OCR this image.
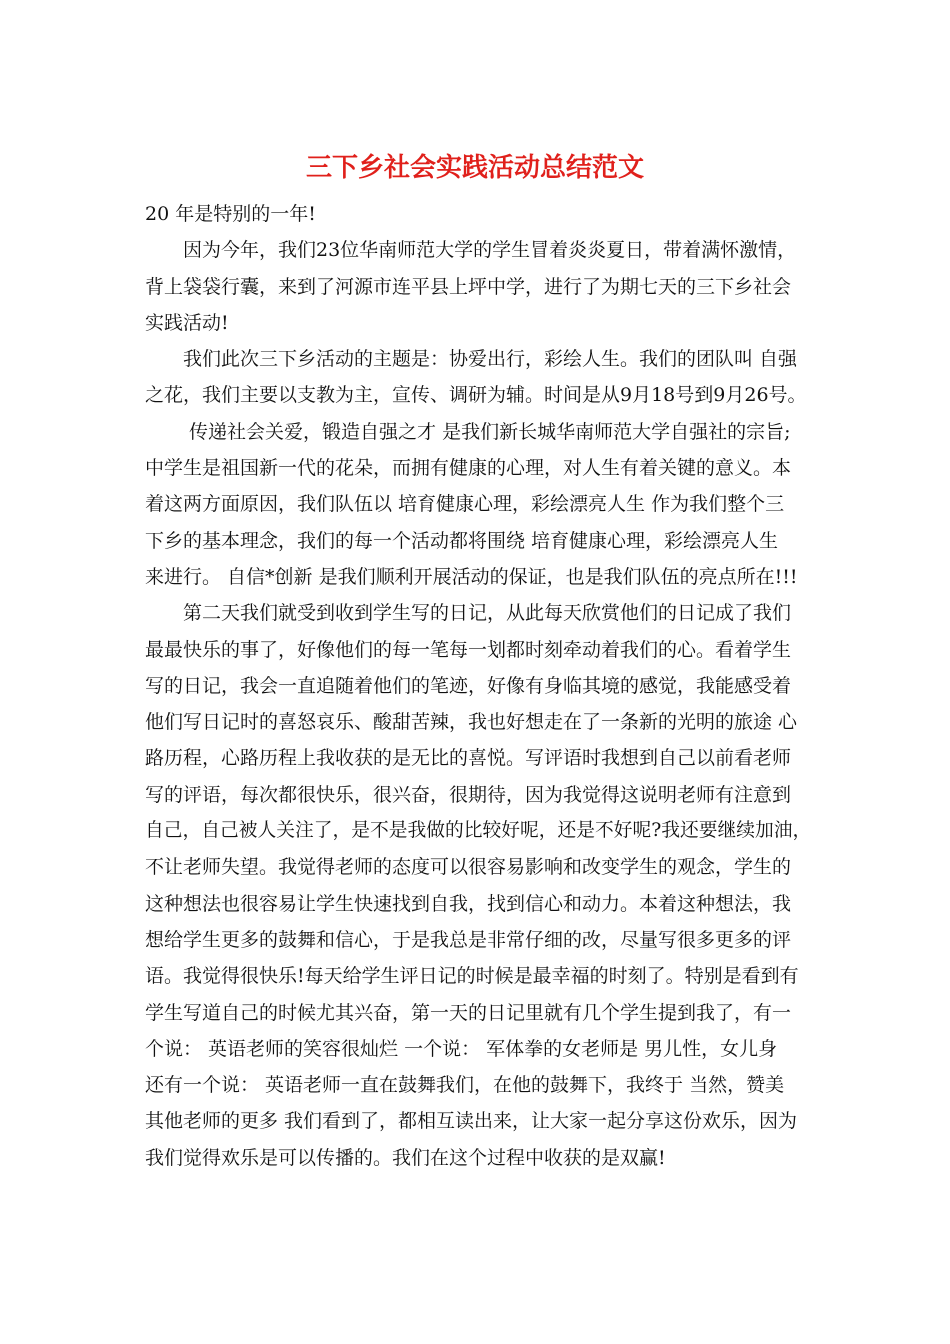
三下乡社会实践活动总结范文
20 年是特别的一年!
　　因为今年，我们23位华南师范大学的学生冒着炎炎夏日，带着满怀激情，
背上袋袋行囊，来到了河源市连平县上坪中学，进行了为期七天的三下乡社会
实践活动!
　　我们此次三下乡活动的主题是：协爱出行，彩绘人生。我们的团队叫 自强
之花，我们主要以支教为主，宣传、调研为辅。时间是从9月18号到9月26号。
　　 传递社会关爱，锻造自强之才 是我们新长城华南师范大学自强社的宗旨;
中学生是祖国新一代的花朵，而拥有健康的心理，对人生有着关键的意义。本
着这两方面原因，我们队伍以 培育健康心理，彩绘漂亮人生 作为我们整个三
下乡的基本理念，我们的每一个活动都将围绕 培育健康心理，彩绘漂亮人生
来进行。 自信*创新 是我们顺利开展活动的保证，也是我们队伍的亮点所在!!!
　　第二天我们就受到收到学生写的日记，从此每天欣赏他们的日记成了我们
最最快乐的事了，好像他们的每一笔每一划都时刻牵动着我们的心。看着学生
写的日记，我会一直追随着他们的笔迹，好像有身临其境的感觉，我能感受着
他们写日记时的喜怒哀乐、酸甜苦辣，我也好想走在了一条新的光明的旅途 心
路历程，心路历程上我收获的是无比的喜悦。写评语时我想到自己以前看老师
写的评语，每次都很快乐，很兴奋，很期待，因为我觉得这说明老师有注意到
自己，自己被人关注了，是不是我做的比较好呢，还是不好呢?我还要继续加油，
不让老师失望。我觉得老师的态度可以很容易影响和改变学生的观念，学生的
这种想法也很容易让学生快速找到自我，找到信心和动力。本着这种想法，我
想给学生更多的鼓舞和信心，于是我总是非常仔细的改，尽量写很多更多的评
语。我觉得很快乐!每天给学生评日记的时候是最幸福的时刻了。特别是看到有
学生写道自己的时候尤其兴奋，第一天的日记里就有几个学生提到我了，有一
个说： 英语老师的笑容很灿烂 一个说： 军体拳的女老师是 男儿性，女儿身
还有一个说： 英语老师一直在鼓舞我们，在他的鼓舞下，我终于 当然，赞美
其他老师的更多 我们看到了，都相互读出来，让大家一起分享这份欢乐，因为
我们觉得欢乐是可以传播的。我们在这个过程中收获的是双赢!
